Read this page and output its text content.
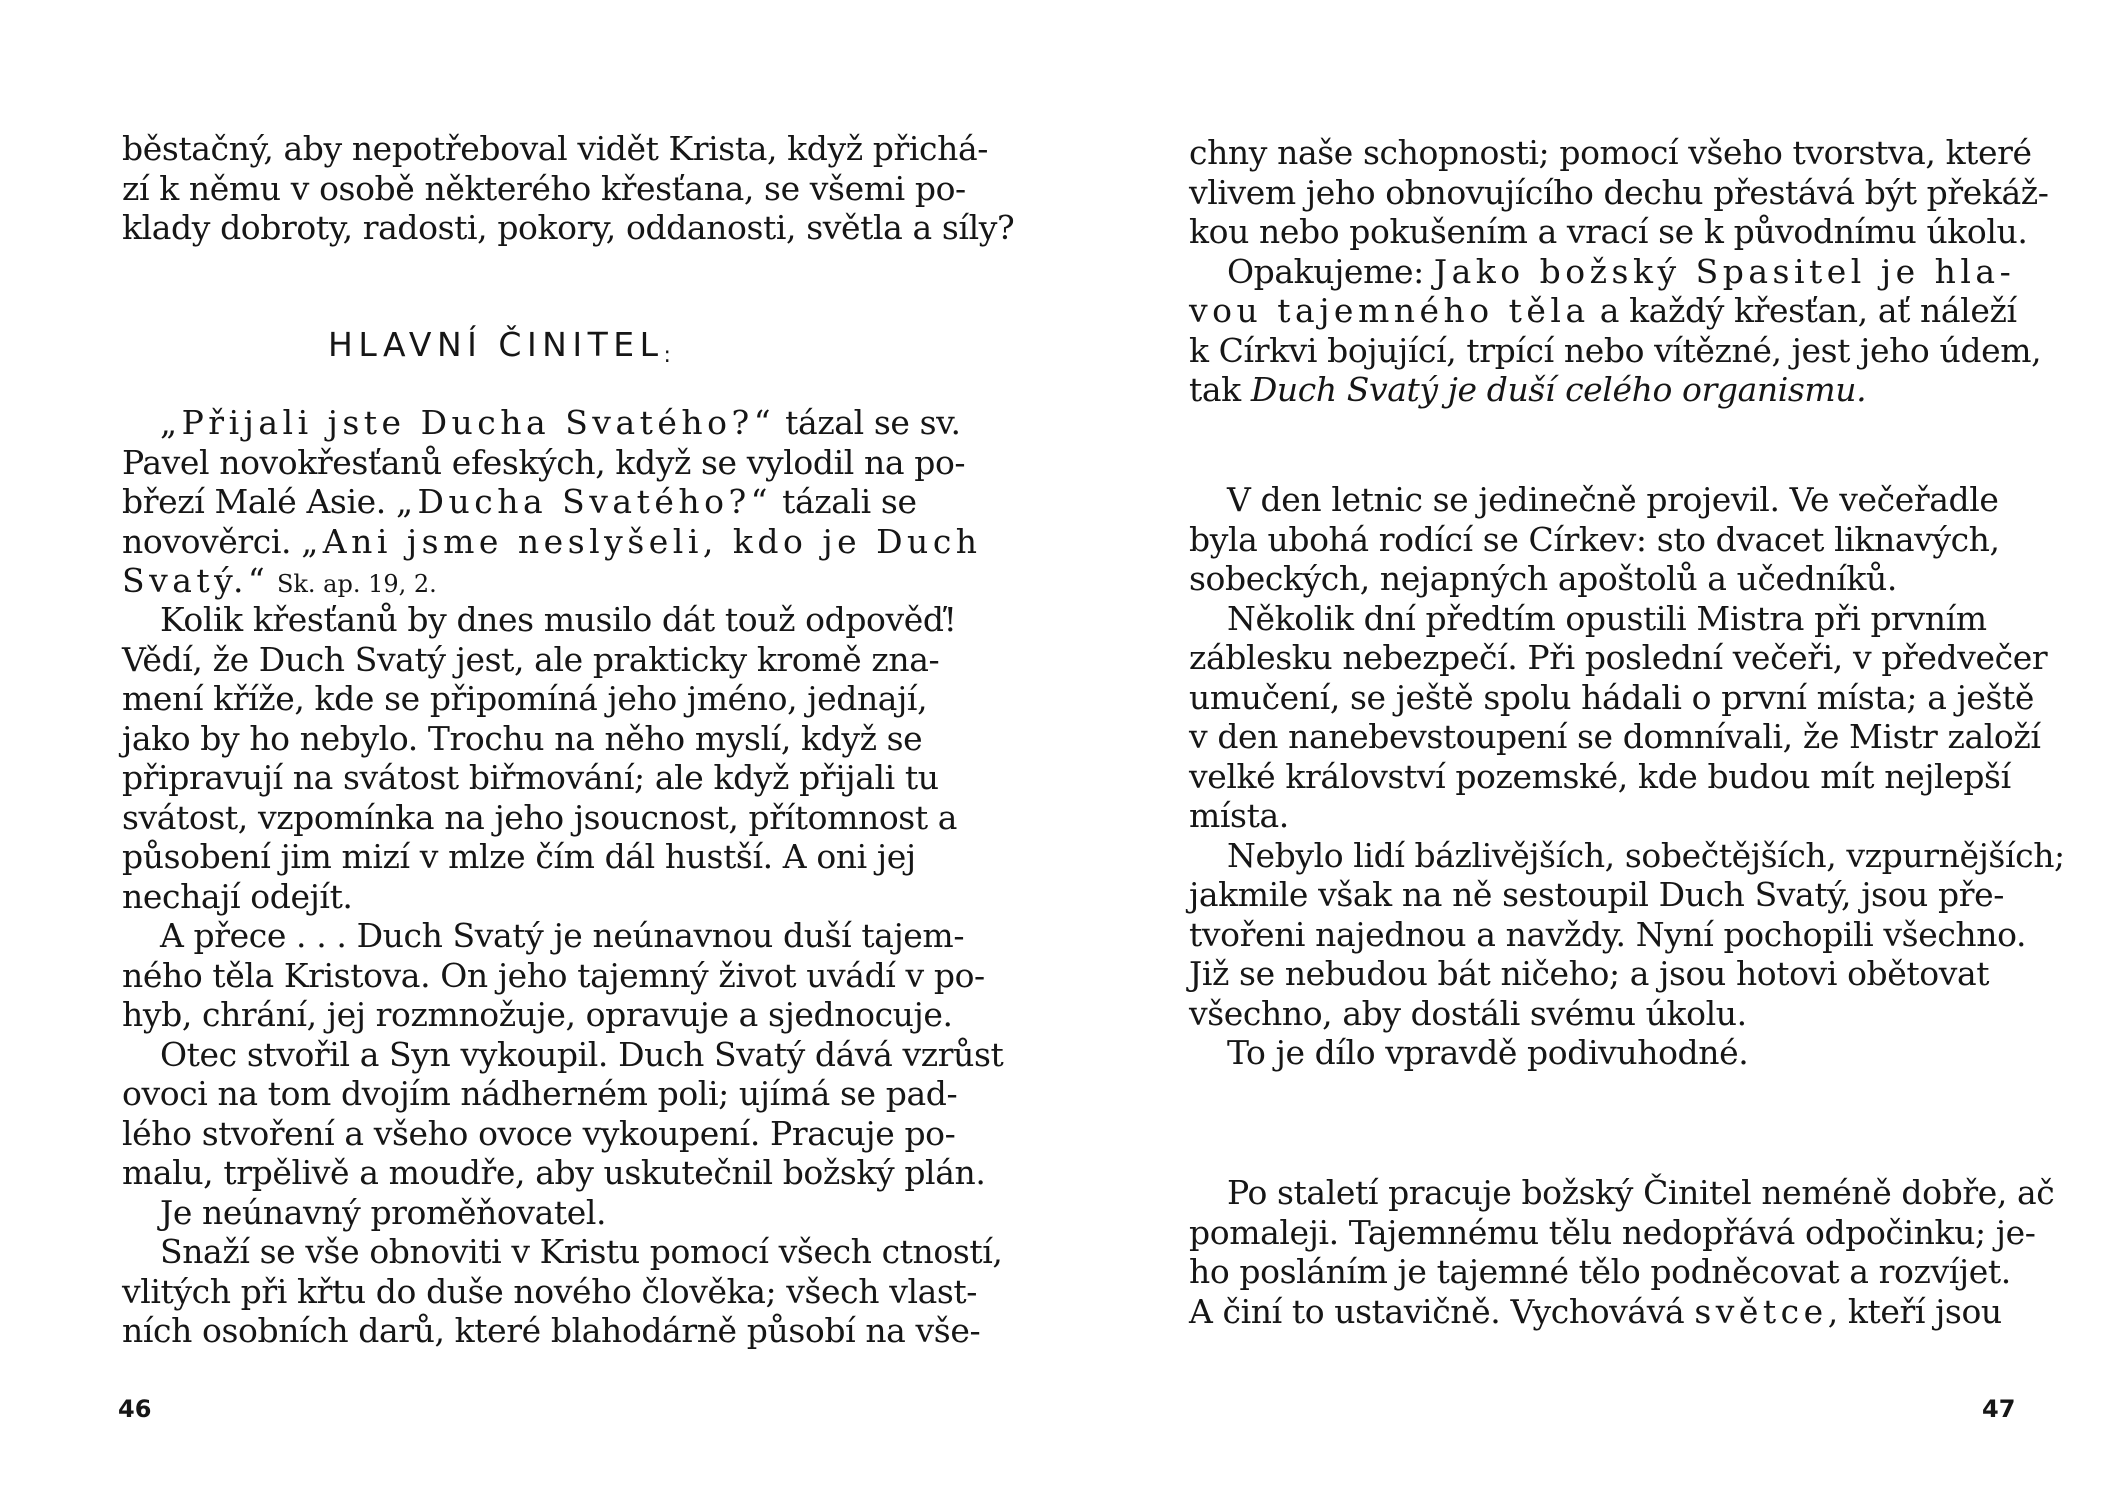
běstačný, aby nepotřeboval vidět Krista, když přichá-
zí k němu v osobě některého křesťana, se všemi po-
klady dobroty, radosti, pokory, oddanosti, světla a síly?
HLAVNÍ ČINITEL:
„Přijali jste Ducha Svatého?“ tázal se sv.
Pavel novokřesťanů efeských, když se vylodil na po-
březí Malé Asie. „Ducha Svatého?“ tázali se
novověrci. „Ani jsme neslyšeli, kdo je Duch
Svatý.“ Sk. ap. 19, 2.
Kolik křesťanů by dnes musilo dát touž odpověď!
Vědí, že Duch Svatý jest, ale prakticky kromě zna-
mení kříže, kde se připomíná jeho jméno, jednají,
jako by ho nebylo. Trochu na něho myslí, když se
připravují na svátost biřmování; ale když přijali tu
svátost, vzpomínka na jeho jsoucnost, přítomnost a
působení jim mizí v mlze čím dál hustší. A oni jej
nechají odejít.
A přece . . . Duch Svatý je neúnavnou duší tajem-
ného těla Kristova. On jeho tajemný život uvádí v po-
hyb, chrání, jej rozmnožuje, opravuje a sjednocuje.
Otec stvořil a Syn vykoupil. Duch Svatý dává vzrůst
ovoci na tom dvojím nádherném poli; ujímá se pad-
lého stvoření a všeho ovoce vykoupení. Pracuje po-
malu, trpělivě a moudře, aby uskutečnil božský plán.
Je neúnavný proměňovatel.
Snaží se vše obnoviti v Kristu pomocí všech ctností,
vlitých při křtu do duše nového člověka; všech vlast-
ních osobních darů, které blahodárně působí na vše-
46
chny naše schopnosti; pomocí všeho tvorstva, které
vlivem jeho obnovujícího dechu přestává být překáž-
kou nebo pokušením a vrací se k původnímu úkolu.
Opakujeme: Jako božský Spasitel je hla-
vou tajemného těla a každý křesťan, ať náleží
k Církvi bojující, trpící nebo vítězné, jest jeho údem,
tak Duch Svatý je duší celého organismu.
V den letnic se jedinečně projevil. Ve večeřadle
byla ubohá rodící se Církev: sto dvacet liknavých,
sobeckých, nejapných apoštolů a učedníků.
Několik dní předtím opustili Mistra při prvním
záblesku nebezpečí. Při poslední večeři, v předvečer
umučení, se ještě spolu hádali o první místa; a ještě
v den nanebevstoupení se domnívali, že Mistr založí
velké království pozemské, kde budou mít nejlepší
místa.
Nebylo lidí bázlivějších, sobečtějších, vzpurnějších;
jakmile však na ně sestoupil Duch Svatý, jsou pře-
tvořeni najednou a navždy. Nyní pochopili všechno.
Již se nebudou bát ničeho; a jsou hotovi obětovat
všechno, aby dostáli svému úkolu.
To je dílo vpravdě podivuhodné.
Po staletí pracuje božský Činitel neméně dobře, ač
pomaleji. Tajemnému tělu nedopřává odpočinku; je-
ho posláním je tajemné tělo podněcovat a rozvíjet.
A činí to ustavičně. Vychovává světce, kteří jsou
47
